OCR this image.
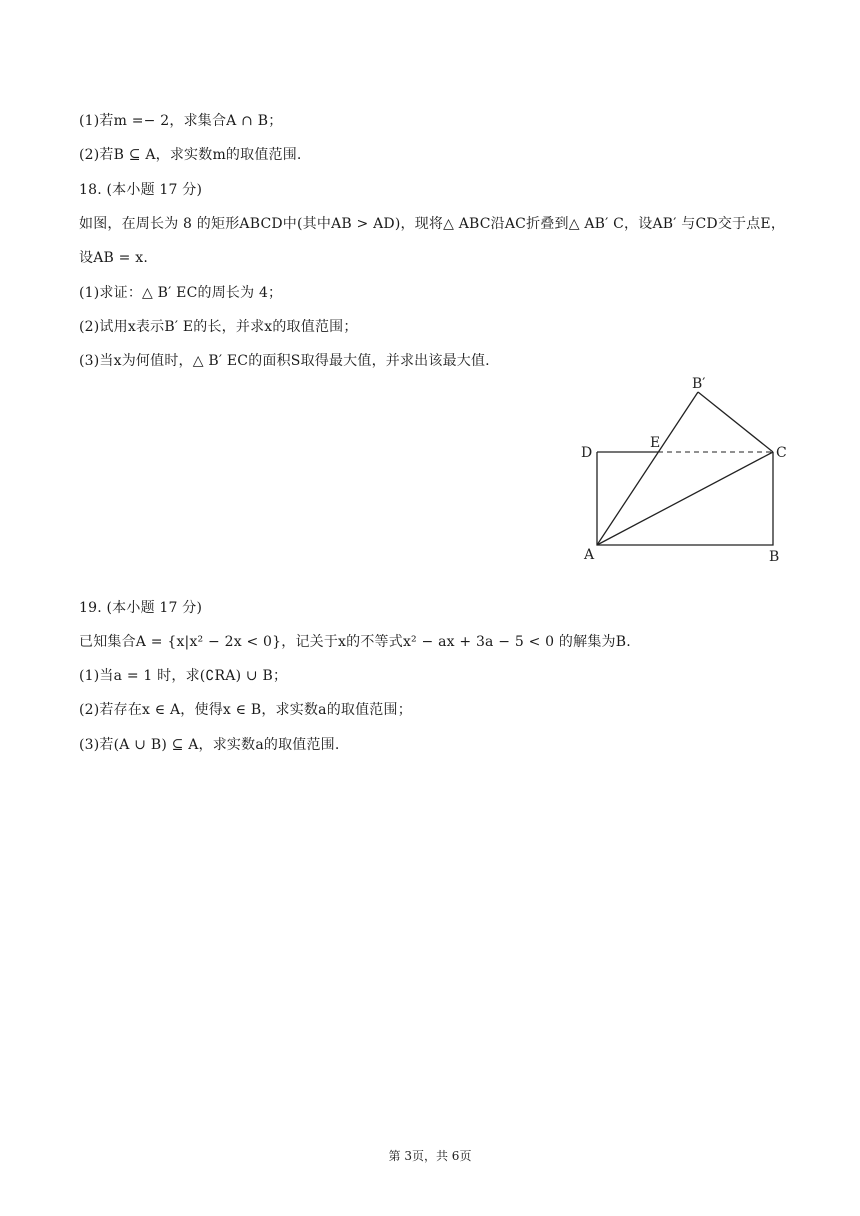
(1)若m =− 2，求集合A ∩ B；
(2)若B ⊆ A，求实数m的取值范围.
18. (本小题 17 分)
如图，在周长为 8 的矩形ABCD中(其中AB > AD)，现将△ ABC沿AC折叠到△ AB′ C，设AB′ 与CD交于点E，
设AB = x.
(1)求证：△ B′ EC的周长为 4；
(2)试用x表示B′ E的长，并求x的取值范围；
(3)当x为何值时，△ B′ EC的面积S取得最大值，并求出该最大值.
B′
D
E
C
A	B
19. (本小题 17 分)
已知集合A = {x|x² − 2x < 0}，记关于x的不等式x² − ax + 3a − 5 < 0 的解集为B.
(1)当a = 1 时，求(∁RA) ∪ B；
(2)若存在x ∈ A，使得x ∈ B，求实数a的取值范围；
(3)若(A ∪ B) ⊆ A，求实数a的取值范围.
第 3页，共 6页
